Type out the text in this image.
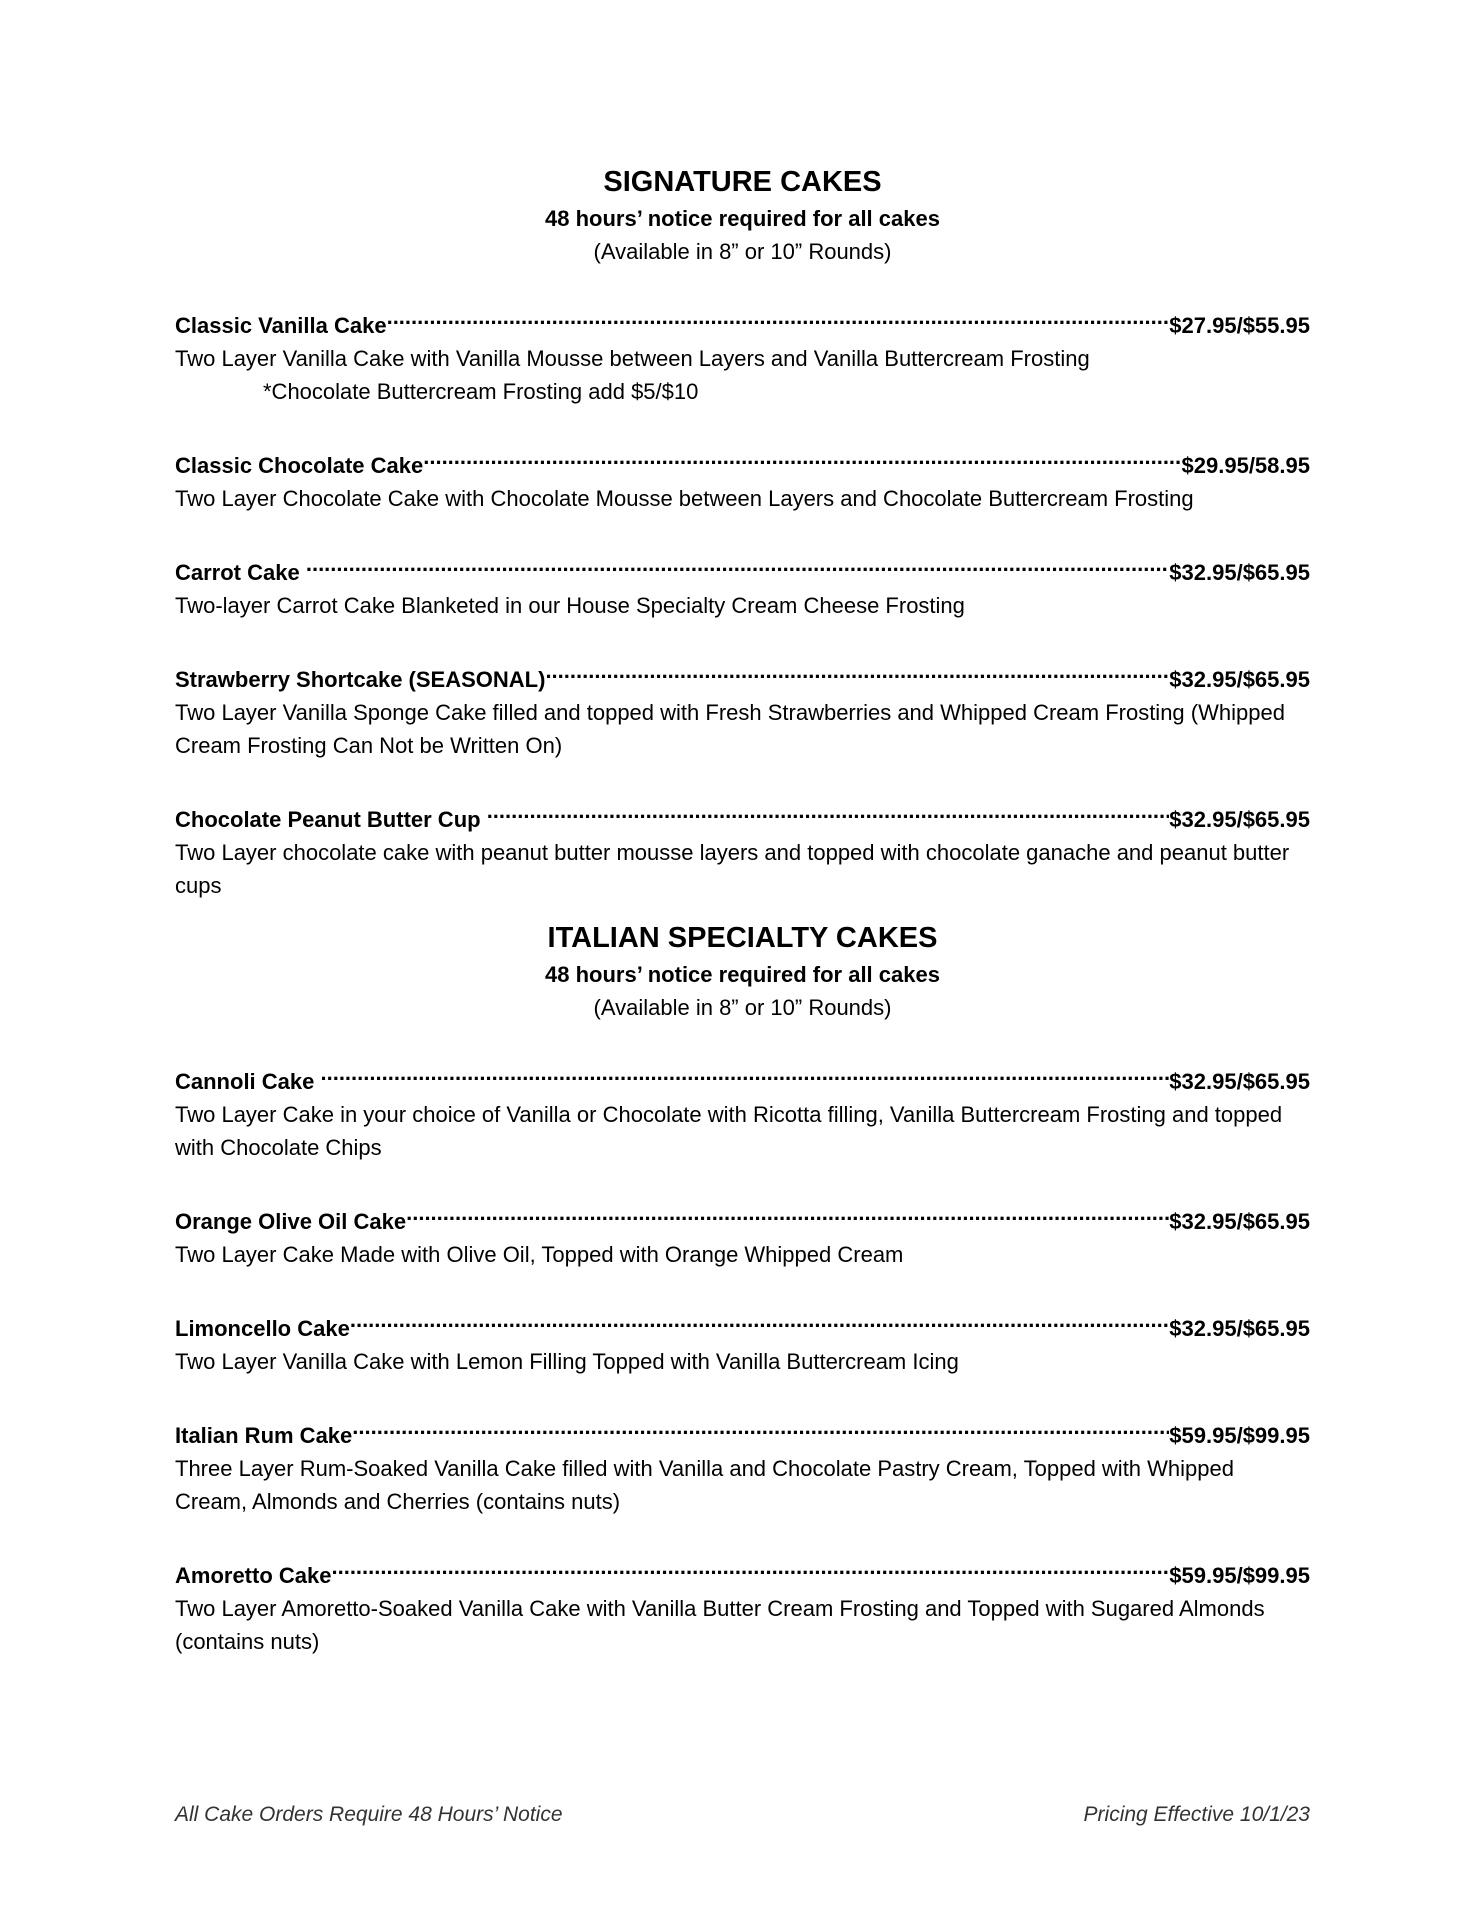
SIGNATURE CAKES

48 hours’ notice required for all cakes

(Available in 8” or 10” Rounds)

Classic Vanilla Cake .....	$27.95/$55.95

Two Layer Vanilla Cake with Vanilla Mousse between Layers and Vanilla Buttercream Frosting

*Chocolate Buttercream Frosting add $5/$10

Classic Chocolate Cake .....	$29.95/58.95

Two Layer Chocolate Cake with Chocolate Mousse between Layers and Chocolate Buttercream Frosting

Carrot Cake .....	$32.95/$65.95

Two-layer Carrot Cake Blanketed in our House Specialty Cream Cheese Frosting

Strawberry Shortcake (SEASONAL) .....	$32.95/$65.95

Two Layer Vanilla Sponge Cake filled and topped with Fresh Strawberries and Whipped Cream Frosting (Whipped Cream Frosting Can Not be Written On)

Chocolate Peanut Butter Cup .....	$32.95/$65.95

Two Layer chocolate cake with peanut butter mousse layers and topped with chocolate ganache and peanut butter cups

ITALIAN SPECIALTY CAKES

48 hours’ notice required for all cakes

(Available in 8” or 10” Rounds)

Cannoli Cake .....	$32.95/$65.95

Two Layer Cake in your choice of Vanilla or Chocolate with Ricotta filling, Vanilla Buttercream Frosting and topped with Chocolate Chips

Orange Olive Oil Cake .....	$32.95/$65.95

Two Layer Cake Made with Olive Oil, Topped with Orange Whipped Cream

Limoncello Cake .....	$32.95/$65.95

Two Layer Vanilla Cake with Lemon Filling Topped with Vanilla Buttercream Icing

Italian Rum Cake .....	$59.95/$99.95

Three Layer Rum-Soaked Vanilla Cake filled with Vanilla and Chocolate Pastry Cream, Topped with Whipped Cream, Almonds and Cherries (contains nuts)

Amoretto Cake .....	$59.95/$99.95

Two Layer Amoretto-Soaked Vanilla Cake with Vanilla Butter Cream Frosting and Topped with Sugared Almonds (contains nuts)

All Cake Orders Require 48 Hours’ Notice	Pricing Effective 10/1/23
